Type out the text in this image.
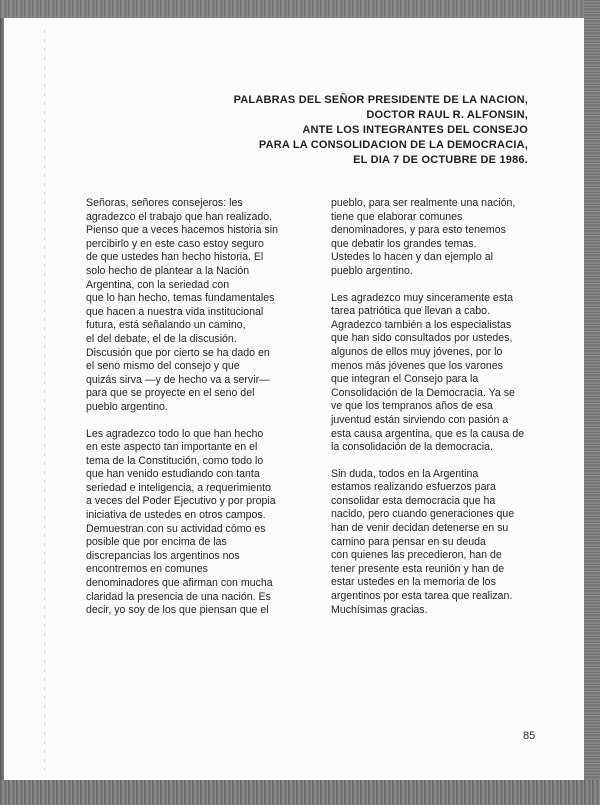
PALABRAS DEL SEÑOR PRESIDENTE DE LA NACION,
DOCTOR RAUL R. ALFONSIN,
ANTE LOS INTEGRANTES DEL CONSEJO
PARA LA CONSOLIDACION DE LA DEMOCRACIA,
EL DIA 7 DE OCTUBRE DE 1986.
Señoras, señores consejeros: les
agradezco el trabajo que han realizado.
Pienso que a veces hacemos historia sin
percibirlo y en este caso estoy seguro
de que ustedes han hecho historia. El
solo hecho de plantear a la Nación
Argentina, con la seriedad con
que lo han hecho, temas fundamentales
que hacen a nuestra vida institucional
futura, está señalando un camino,
el del debate, el de la discusión.
Discusión que por cierto se ha dado en
el seno mismo del consejo y que
quizás sirva —y de hecho va a servir—
para que se proyecte en el seno del
pueblo argentino.
Les agradezco todo lo que han hecho
en este aspecto tan importante en el
tema de la Constitución, como todo lo
que han venido estudiando con tanta
seriedad e inteligencia, a requerimiento
a veces del Poder Ejecutivo y por propia
iniciativa de ustedes en otros campos.
Demuestran con su actividad cómo es
posible que por encima de las
discrepancias los argentinos nos
encontremos en comunes
denominadores que afirman con mucha
claridad la presencia de una nación. Es
decir, yo soy de los que piensan que el
pueblo, para ser realmente una nación,
tiene que elaborar comunes
denominadores, y para esto tenemos
que debatir los grandes temas.
Ustedes lo hacen y dan ejemplo al
pueblo argentino.
Les agradezco muy sinceramente esta
tarea patriótica que llevan a cabo.
Agradezco también a los especialistas
que han sido consultados por ustedes,
algunos de ellos muy jóvenes, por lo
menos más jóvenes que los varones
que integran el Consejo para la
Consolidación de la Democracia. Ya se
ve que los tempranos años de esa
juventud están sirviendo con pasión a
esta causa argentina, que es la causa de
la consolidación de la democracia.
Sin duda, todos en la Argentina
estamos realizando esfuerzos para
consolidar esta democracia que ha
nacido, pero cuando generaciones que
han de venir decidan detenerse en su
camino para pensar en su deuda
con quienes las precedieron, han de
tener presente esta reunión y han de
estar ustedes en la memoria de los
argentinos por esta tarea que realizan.
Muchísimas gracias.
85
